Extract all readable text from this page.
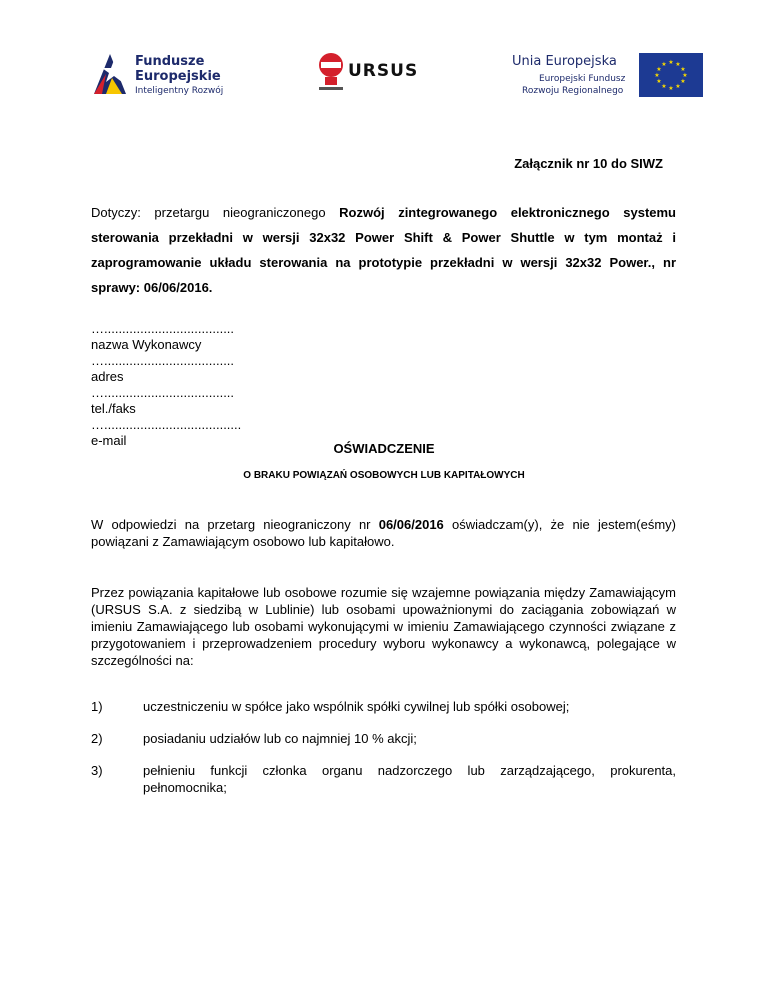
Fundusze
Europejskie
Inteligentny Rozwój
URSUS	Unia Europejska
Europejski Fundusz
Rozwoju Regionalnego
★ ★
★
★
★
★
★
★
★
★
★
★
Załącznik nr 10 do SIWZ
Dotyczy: przetargu nieograniczonego Rozwój zintegrowanego elektronicznego systemu sterowania przekładni w wersji 32x32 Power Shift & Power Shuttle w tym montaż i zaprogramowanie układu sterowania na prototypie przekładni w wersji 32x32 Power., nr sprawy: 06/06/2016.
…....................................
nazwa Wykonawcy
…....................................
adres
…....................................
tel./faks
…......................................
e-mail
OŚWIADCZENIE
O BRAKU POWIĄZAŃ OSOBOWYCH LUB KAPITAŁOWYCH
W odpowiedzi na przetarg nieograniczony nr 06/06/2016 oświadczam(y), że nie jestem(eśmy) powiązani z Zamawiającym osobowo lub kapitałowo.
Przez powiązania kapitałowe lub osobowe rozumie się wzajemne powiązania między Zamawiającym (URSUS S.A. z siedzibą w Lublinie) lub osobami upoważnionymi do zaciągania zobowiązań w imieniu Zamawiającego lub osobami wykonującymi w imieniu Zamawiającego czynności związane z przygotowaniem i przeprowadzeniem procedury wyboru wykonawcy a wykonawcą, polegające w szczególności na:
1)	uczestniczeniu w spółce jako wspólnik spółki cywilnej lub spółki osobowej;
2)	posiadaniu udziałów lub co najmniej 10 % akcji;
3)	pełnieniu funkcji członka organu nadzorczego lub zarządzającego, prokurenta, pełnomocnika;
